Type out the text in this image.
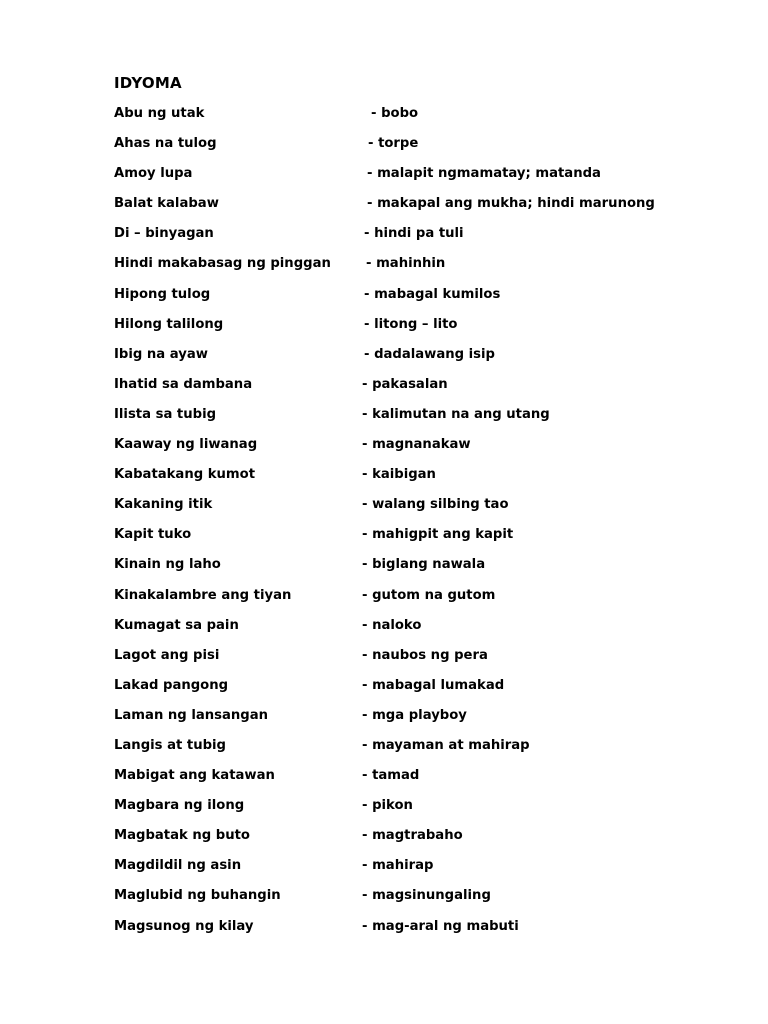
IDYOMA
Abu ng utak	- bobo
Ahas na tulog	- torpe
Amoy lupa	- malapit ngmamatay; matanda
Balat kalabaw	- makapal ang mukha; hindi marunong
Di – binyagan	- hindi pa tuli
Hindi makabasag ng pinggan	- mahinhin
Hipong tulog	- mabagal kumilos
Hilong talilong	- litong – lito
Ibig na ayaw	- dadalawang isip
Ihatid sa dambana	- pakasalan
Ilista sa tubig	- kalimutan na ang utang
Kaaway ng liwanag	- magnanakaw
Kabatakang kumot	- kaibigan
Kakaning itik	- walang silbing tao
Kapit tuko	- mahigpit ang kapit
Kinain ng laho	- biglang nawala
Kinakalambre ang tiyan	- gutom na gutom
Kumagat sa pain	- naloko
Lagot ang pisi	- naubos ng pera
Lakad pangong	- mabagal lumakad
Laman ng lansangan	- mga playboy
Langis at tubig	- mayaman at mahirap
Mabigat ang katawan	- tamad
Magbara ng ilong	- pikon
Magbatak ng buto	- magtrabaho
Magdildil ng asin	- mahirap
Maglubid ng buhangin	- magsinungaling
Magsunog ng kilay	- mag-aral ng mabuti
